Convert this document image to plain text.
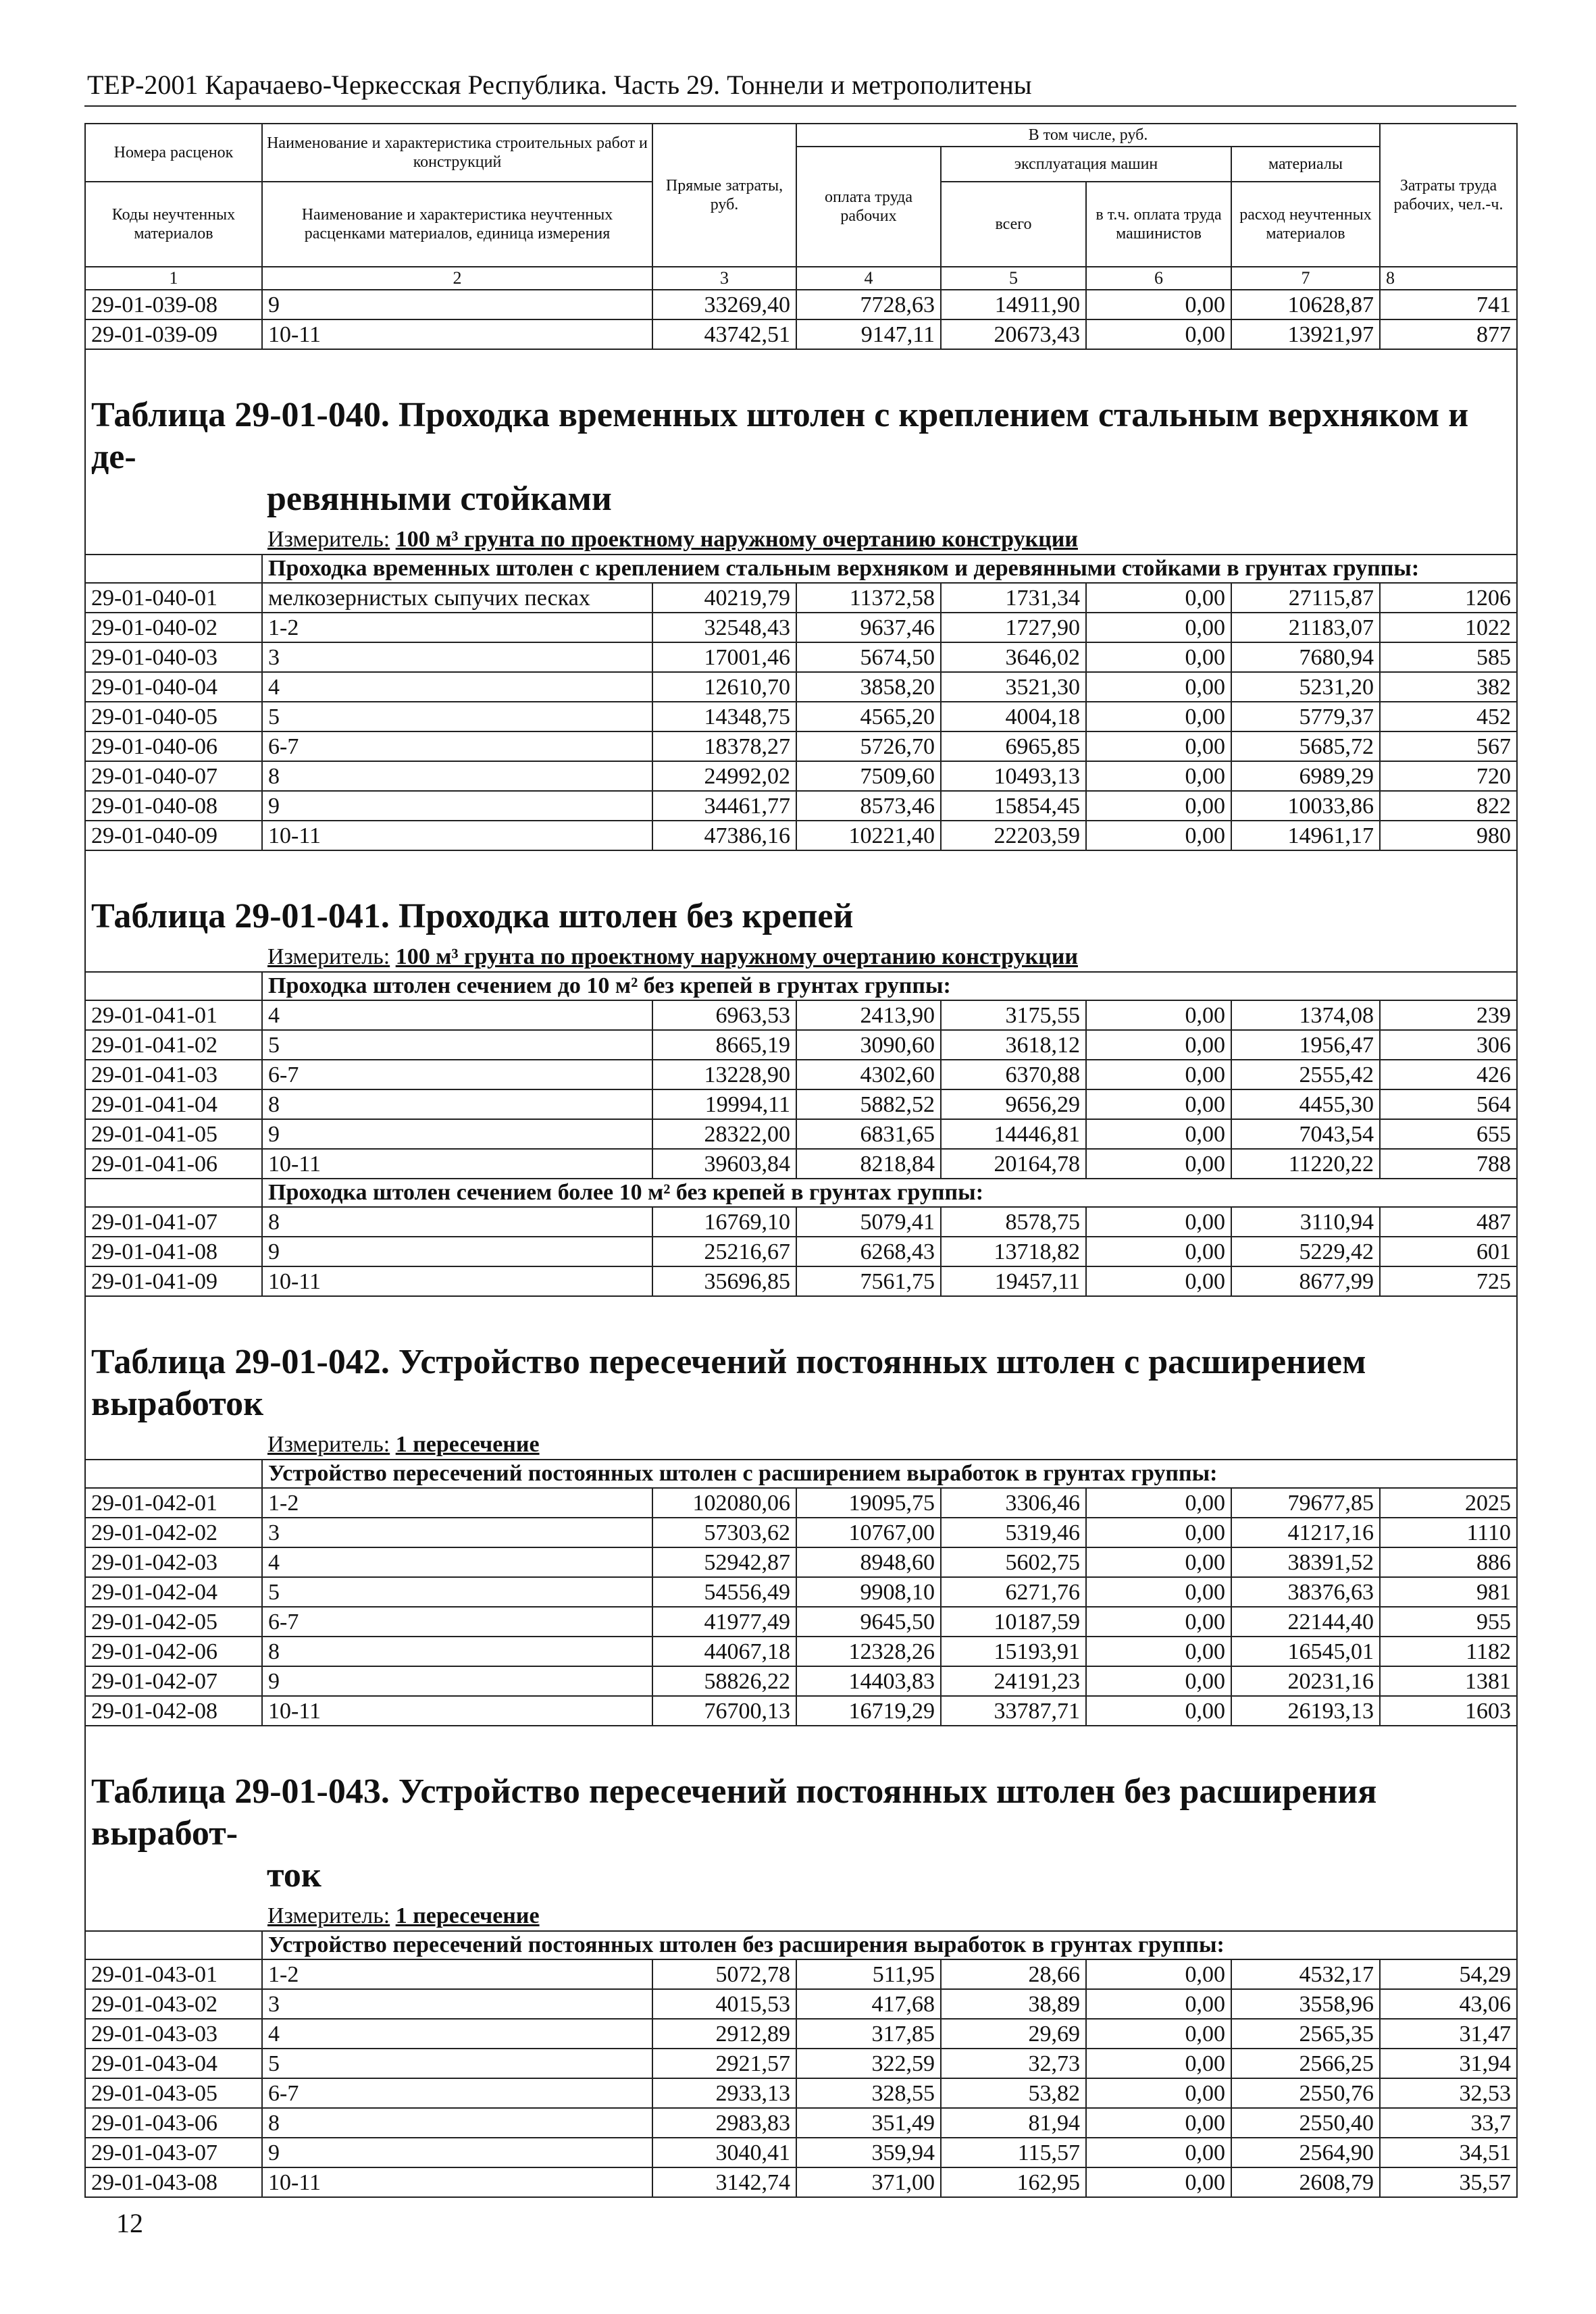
ТЕР-2001 Карачаево-Черкесская Республика. Часть 29. Тоннели и метрополитены
Номера расценок	Наименование и характеристика строительных работ и конструкций	Прямые затраты, руб.	В том числе, руб.				Затраты труда рабочих, чел.-ч.
			оплата труда рабочих	эксплуатация машин		материалы	
Коды неучтенных материалов	Наименование и характеристика неучтенных расценками материалов, единица измерения			всего	в т.ч. оплата труда машинистов	расход неучтенных материалов	

1	2	3	4	5	6	7	8
29-01-039-08	9	33269,40	7728,63	14911,90	0,00	10628,87	741
29-01-039-09	10-11	43742,51	9147,11	20673,43	0,00	13921,97	877

Таблица 29-01-040. Проходка временных штолен с креплением стальным верхняком и де-
ревянными стойками							

	Измеритель: 100 м³ грунта по проектному наружному очертанию конструкции						
	Проходка временных штолен с креплением стальным верхняком и деревянными стойками в грунтах группы:						
29-01-040-01	мелкозернистых сыпучих песках	40219,79	11372,58	1731,34	0,00	27115,87	1206
29-01-040-02	1-2	32548,43	9637,46	1727,90	0,00	21183,07	1022
29-01-040-03	3	17001,46	5674,50	3646,02	0,00	7680,94	585
29-01-040-04	4	12610,70	3858,20	3521,30	0,00	5231,20	382
29-01-040-05	5	14348,75	4565,20	4004,18	0,00	5779,37	452
29-01-040-06	6-7	18378,27	5726,70	6965,85	0,00	5685,72	567
29-01-040-07	8	24992,02	7509,60	10493,13	0,00	6989,29	720
29-01-040-08	9	34461,77	8573,46	15854,45	0,00	10033,86	822
29-01-040-09	10-11	47386,16	10221,40	22203,59	0,00	14961,17	980

Таблица 29-01-041. Проходка штолен без крепей							
	Измеритель: 100 м³ грунта по проектному наружному очертанию конструкции						
	Проходка штолен сечением до 10 м² без крепей в грунтах группы:						
29-01-041-01	4	6963,53	2413,90	3175,55	0,00	1374,08	239
29-01-041-02	5	8665,19	3090,60	3618,12	0,00	1956,47	306
29-01-041-03	6-7	13228,90	4302,60	6370,88	0,00	2555,42	426
29-01-041-04	8	19994,11	5882,52	9656,29	0,00	4455,30	564
29-01-041-05	9	28322,00	6831,65	14446,81	0,00	7043,54	655
29-01-041-06	10-11	39603,84	8218,84	20164,78	0,00	11220,22	788
	Проходка штолен сечением более 10 м² без крепей в грунтах группы:						
29-01-041-07	8	16769,10	5079,41	8578,75	0,00	3110,94	487
29-01-041-08	9	25216,67	6268,43	13718,82	0,00	5229,42	601
29-01-041-09	10-11	35696,85	7561,75	19457,11	0,00	8677,99	725

Таблица 29-01-042. Устройство пересечений постоянных штолен с расширением выработок							
	Измеритель: 1 пересечение						
	Устройство пересечений постоянных штолен с расширением выработок в грунтах группы:						
29-01-042-01	1-2	102080,06	19095,75	3306,46	0,00	79677,85	2025
29-01-042-02	3	57303,62	10767,00	5319,46	0,00	41217,16	1110
29-01-042-03	4	52942,87	8948,60	5602,75	0,00	38391,52	886
29-01-042-04	5	54556,49	9908,10	6271,76	0,00	38376,63	981
29-01-042-05	6-7	41977,49	9645,50	10187,59	0,00	22144,40	955
29-01-042-06	8	44067,18	12328,26	15193,91	0,00	16545,01	1182
29-01-042-07	9	58826,22	14403,83	24191,23	0,00	20231,16	1381
29-01-042-08	10-11	76700,13	16719,29	33787,71	0,00	26193,13	1603

Таблица 29-01-043. Устройство пересечений постоянных штолен без расширения выработ-
ток							

	Измеритель: 1 пересечение						
	Устройство пересечений постоянных штолен без расширения выработок в грунтах группы:						
29-01-043-01	1-2	5072,78	511,95	28,66	0,00	4532,17	54,29
29-01-043-02	3	4015,53	417,68	38,89	0,00	3558,96	43,06
29-01-043-03	4	2912,89	317,85	29,69	0,00	2565,35	31,47
29-01-043-04	5	2921,57	322,59	32,73	0,00	2566,25	31,94
29-01-043-05	6-7	2933,13	328,55	53,82	0,00	2550,76	32,53
29-01-043-06	8	2983,83	351,49	81,94	0,00	2550,40	33,7
29-01-043-07	9	3040,41	359,94	115,57	0,00	2564,90	34,51
29-01-043-08	10-11	3142,74	371,00	162,95	0,00	2608,79	35,57
12
